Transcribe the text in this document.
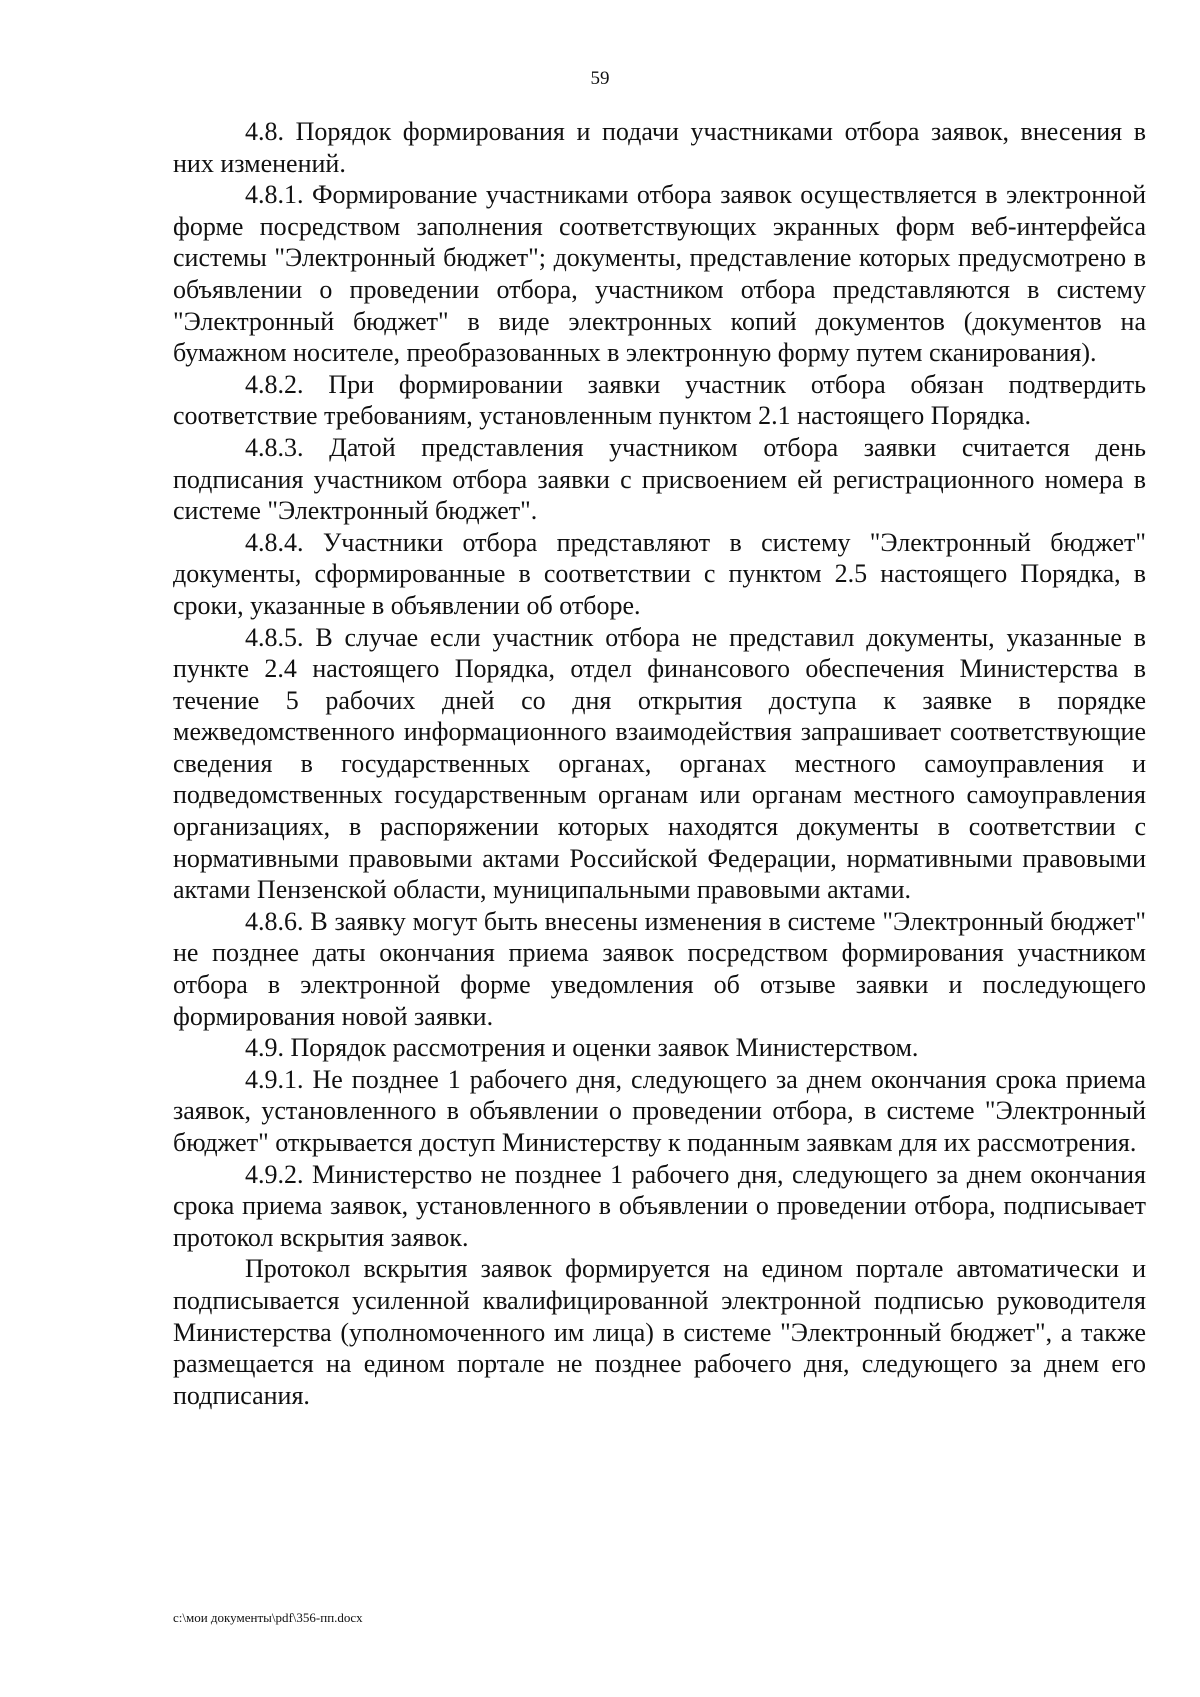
59

4.8. Порядок формирования и подачи участниками отбора заявок, внесения в них изменений.

4.8.1. Формирование участниками отбора заявок осуществляется в электронной форме посредством заполнения соответствующих экранных форм веб-интерфейса системы "Электронный бюджет"; документы, представление которых предусмотрено в объявлении о проведении отбора, участником отбора представляются в систему "Электронный бюджет" в виде электронных копий документов (документов на бумажном носителе, преобразованных в электронную форму путем сканирования).

4.8.2. При формировании заявки участник отбора обязан подтвердить соответствие требованиям, установленным пунктом 2.1 настоящего Порядка.

4.8.3. Датой представления участником отбора заявки считается день подписания участником отбора заявки с присвоением ей регистрационного номера в системе "Электронный бюджет".

4.8.4. Участники отбора представляют в систему "Электронный бюджет" документы, сформированные в соответствии с пунктом 2.5 настоящего Порядка, в сроки, указанные в объявлении об отборе.

4.8.5. В случае если участник отбора не представил документы, указанные в пункте 2.4 настоящего Порядка, отдел финансового обеспечения Министерства в течение 5 рабочих дней со дня открытия доступа к заявке в порядке межведомственного информационного взаимодействия запрашивает соответствующие сведения в государственных органах, органах местного самоуправления и подведомственных государственным органам или органам местного самоуправления организациях, в распоряжении которых находятся документы в соответствии с нормативными правовыми актами Российской Федерации, нормативными правовыми актами Пензенской области, муниципальными правовыми актами.

4.8.6. В заявку могут быть внесены изменения в системе "Электронный бюджет" не позднее даты окончания приема заявок посредством формирования участником отбора в электронной форме уведомления об отзыве заявки и последующего формирования новой заявки.

4.9. Порядок рассмотрения и оценки заявок Министерством.

4.9.1. Не позднее 1 рабочего дня, следующего за днем окончания срока приема заявок, установленного в объявлении о проведении отбора, в системе "Электронный бюджет" открывается доступ Министерству к поданным заявкам для их рассмотрения.

4.9.2. Министерство не позднее 1 рабочего дня, следующего за днем окончания срока приема заявок, установленного в объявлении о проведении отбора, подписывает протокол вскрытия заявок.

Протокол вскрытия заявок формируется на едином портале автоматически и подписывается усиленной квалифицированной электронной подписью руководителя Министерства (уполномоченного им лица) в системе "Электронный бюджет", а также размещается на едином портале не позднее рабочего дня, следующего за днем его подписания.

c:\мои документы\pdf\356-пп.docx
